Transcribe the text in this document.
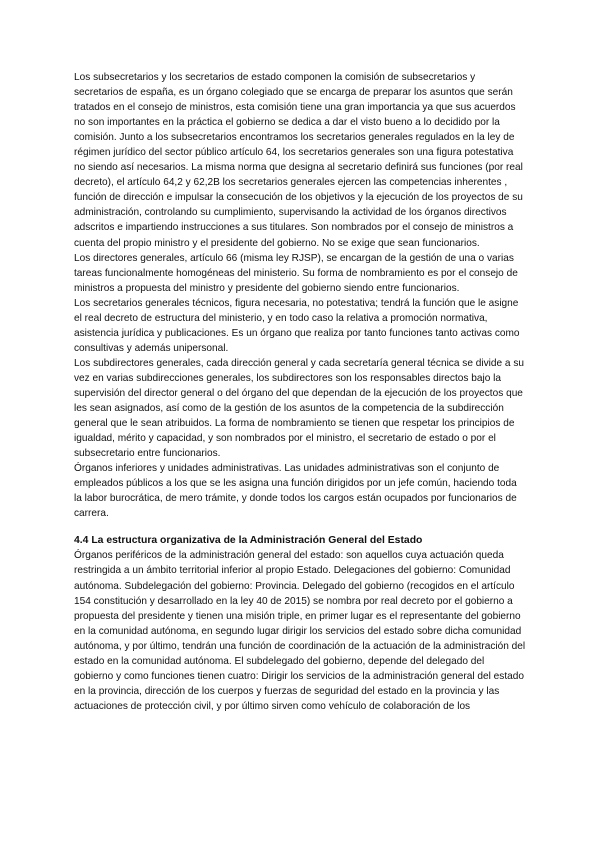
Los subsecretarios y los secretarios de estado componen la comisión de subsecretarios y secretarios de españa, es un órgano colegiado que se encarga de preparar los asuntos que serán tratados en el consejo de ministros, esta comisión tiene una gran importancia ya que sus acuerdos no son importantes en la práctica el gobierno se dedica a dar el visto bueno a lo decidido por la comisión. Junto a los subsecretarios encontramos los secretarios generales regulados en la ley de régimen jurídico del sector público artículo 64, los secretarios generales son una figura potestativa no siendo así necesarios. La misma norma que designa al secretario definirá sus funciones (por real decreto), el artículo 64,2 y 62,2B los secretarios generales ejercen las competencias inherentes , función de dirección e impulsar la consecución de los objetivos y la ejecución de los proyectos de su administración, controlando su cumplimiento, supervisando la actividad de los órganos directivos adscritos e impartiendo instrucciones a sus titulares. Son nombrados por el consejo de ministros a cuenta del propio ministro y el presidente del gobierno. No se exige que sean funcionarios.

Los directores generales, artículo 66 (misma ley RJSP), se encargan de la gestión de una o varias tareas funcionalmente homogéneas del ministerio. Su forma de nombramiento es por el consejo de ministros a propuesta del ministro y presidente del gobierno siendo entre funcionarios.

Los secretarios generales técnicos, figura necesaria, no potestativa; tendrá la función que le asigne el real decreto de estructura del ministerio, y en todo caso la relativa a promoción normativa, asistencia jurídica y publicaciones. Es un órgano que realiza por tanto funciones tanto activas como consultivas y además unipersonal.

Los subdirectores generales, cada dirección general y cada secretaría general técnica se divide a su vez en varias subdirecciones generales, los subdirectores son los responsables directos bajo la supervisión del director general o del órgano del que dependan de la ejecución de los proyectos que les sean asignados, así como de la gestión de los asuntos de la competencia de la subdirección general que le sean atribuidos. La forma de nombramiento se tienen que respetar los principios de igualdad, mérito y capacidad, y son nombrados por el ministro, el secretario de estado o por el subsecretario entre funcionarios.

Órganos inferiores y unidades administrativas. Las unidades administrativas son el conjunto de empleados públicos a los que se les asigna una función dirigidos por un jefe común, haciendo toda la labor burocrática, de mero trámite, y donde todos los cargos están ocupados por funcionarios de carrera.

4.4 La estructura organizativa de la Administración General del Estado

Órganos periféricos de la administración general del estado: son aquellos cuya actuación queda restringida a un ámbito territorial inferior al propio Estado. Delegaciones del gobierno: Comunidad autónoma. Subdelegación del gobierno: Provincia. Delegado del gobierno (recogidos en el artículo 154 constitución y desarrollado en la ley 40 de 2015) se nombra por real decreto por el gobierno a propuesta del presidente y tienen una misión triple, en primer lugar es el representante del gobierno en la comunidad autónoma, en segundo lugar dirigir los servicios del estado sobre dicha comunidad autónoma, y por último, tendrán una función de coordinación de la actuación de la administración del estado en la comunidad autónoma. El subdelegado del gobierno, depende del delegado del gobierno y como funciones tienen cuatro: Dirigir los servicios de la administración general del estado en la provincia, dirección de los cuerpos y fuerzas de seguridad del estado en la provincia y las actuaciones de protección civil, y por último sirven como vehículo de colaboración de los
